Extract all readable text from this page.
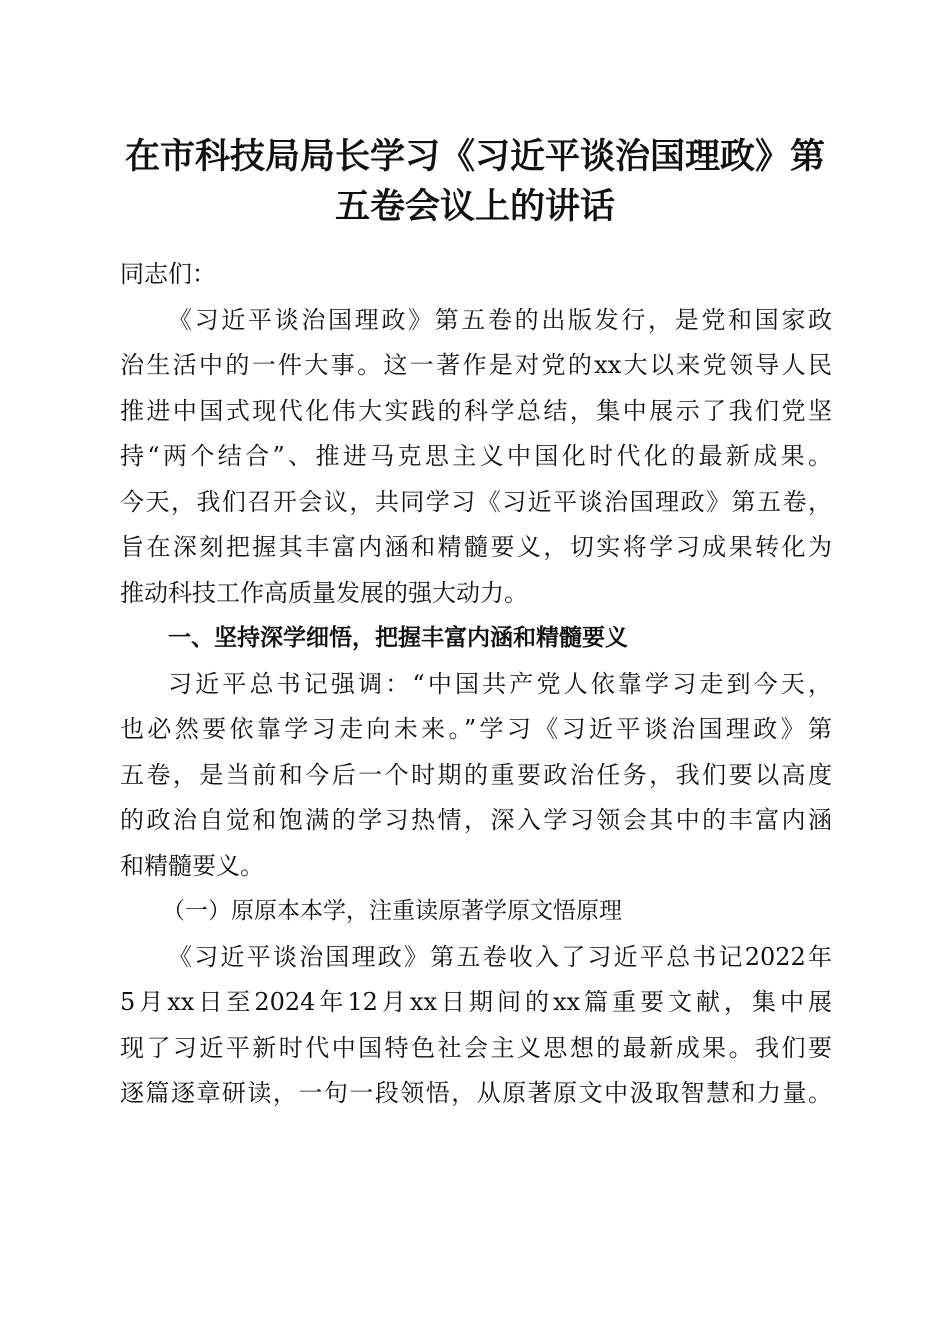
在市科技局局长学习《习近平谈治国理政》第
五卷会议上的讲话
同志们：
《习近平谈治国理政》第五卷的出版发行，是党和国家政
治生活中的一件大事。这一著作是对党的xx大以来党领导人民
推进中国式现代化伟大实践的科学总结，集中展示了我们党坚
持“两个结合”、推进马克思主义中国化时代化的最新成果。
今天，我们召开会议，共同学习《习近平谈治国理政》第五卷，
旨在深刻把握其丰富内涵和精髓要义，切实将学习成果转化为
推动科技工作高质量发展的强大动力。
一、坚持深学细悟，把握丰富内涵和精髓要义
习近平总书记强调：“中国共产党人依靠学习走到今天，
也必然要依靠学习走向未来。”学习《习近平谈治国理政》第
五卷，是当前和今后一个时期的重要政治任务，我们要以高度
的政治自觉和饱满的学习热情，深入学习领会其中的丰富内涵
和精髓要义。
（一）原原本本学，注重读原著学原文悟原理
《习近平谈治国理政》第五卷收入了习近平总书记2022年
5月xx日至2024年12月xx日期间的xx篇重要文献，集中展
现了习近平新时代中国特色社会主义思想的最新成果。我们要
逐篇逐章研读，一句一段领悟，从原著原文中汲取智慧和力量。
